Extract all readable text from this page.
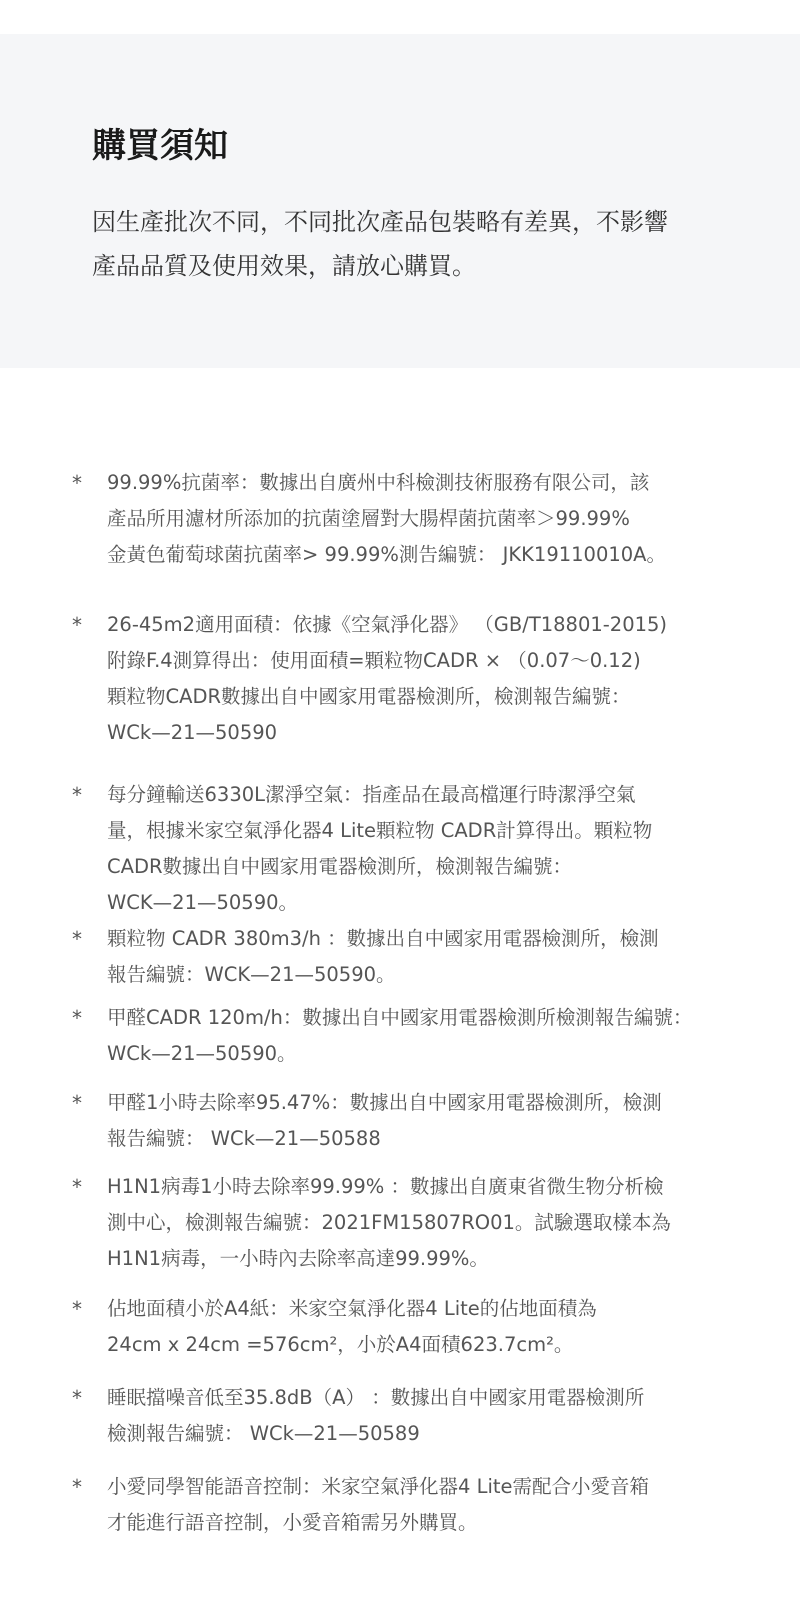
購買須知

因生產批次不同，不同批次產品包裝略有差異，不影響
產品品質及使用效果，請放心購買。

*	99.99%抗菌率：數據出自廣州中科檢測技術服務有限公司，該
產品所用濾材所添加的抗菌塗層對大腸桿菌抗菌率＞99.99%
金黃色葡萄球菌抗菌率> 99.99%測告編號： JKK19110010A。
*	26-45m2適用面積：依據《空氣淨化器》 （GB/T18801-2015)
附錄F.4測算得出：使用面積=顆粒物CADR × （0.07～0.12)
顆粒物CADR數據出自中國家用電器檢測所，檢測報告編號：
WCk—21—50590
*	每分鐘輸送6330L潔淨空氣：指產品在最高檔運行時潔淨空氣
量，根據米家空氣淨化器4 Lite顆粒物 CADR計算得出。顆粒物
CADR數據出自中國家用電器檢測所，檢測報告編號：
WCK—21—50590。
*	顆粒物 CADR 380m3/h ：數據出自中國家用電器檢測所，檢測
報告編號：WCK—21—50590。
*	甲醛CADR 120m/h：數據出自中國家用電器檢測所檢測報告編號：
WCk—21—50590。
*	甲醛1小時去除率95.47%：數據出自中國家用電器檢測所，檢測
報告編號： WCk—21—50588
*	H1N1病毒1小時去除率99.99% ：數據出自廣東省微生物分析檢
測中心，檢測報告編號：2021FM15807RO01。試驗選取樣本為
H1N1病毒，一小時內去除率高達99.99%。
*	佔地面積小於A4紙：米家空氣淨化器4 Lite的佔地面積為
24cm x 24cm =576cm²，小於A4面積623.7cm²。
*	睡眠擋噪音低至35.8dB（A） ：數據出自中國家用電器檢測所
檢測報告編號： WCk—21—50589
*	小愛同學智能語音控制：米家空氣淨化器4 Lite需配合小愛音箱
才能進行語音控制，小愛音箱需另外購買。
